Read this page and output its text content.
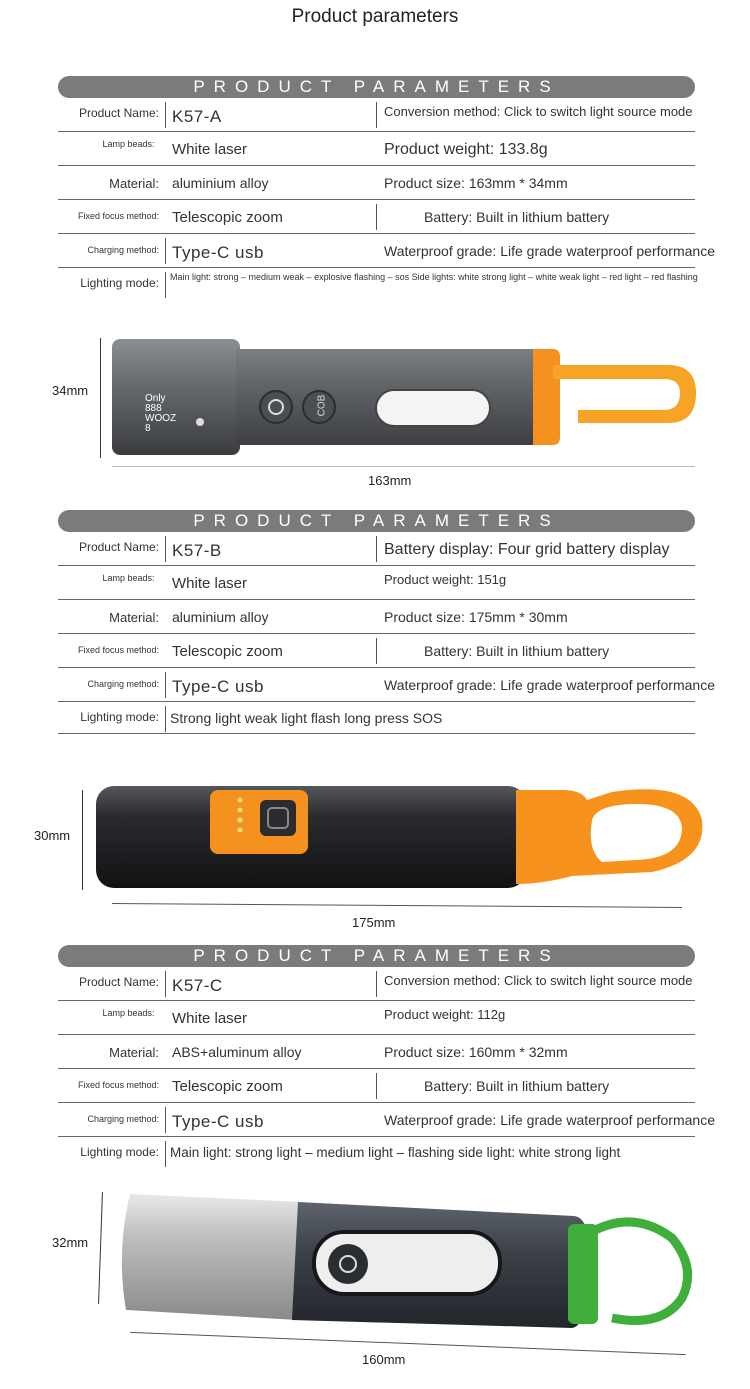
Product parameters
PRODUCT PARAMETERS
Product Name: K57-A	Conversion method: Click to switch light source mode
Lamp beads:	White laser	Product weight: 133.8g
Material: aluminium alloy	Product size: 163mm * 34mm
Fixed focus method: Telescopic zoom	Battery: Built in lithium battery
Charging method: Type-C usb	Waterproof grade: Life grade waterproof performance
Lighting mode:	Main light: strong – medium weak – explosive flashing – sos Side lights: white strong light – white weak light – red light – red flashing
34mm
163mm
Only
888
WOOZ
8
COB
PRODUCT PARAMETERS
Product Name: K57-B	Battery display: Four grid battery display
Lamp beads:	White laser	Product weight: 151g
Material: aluminium alloy	Product size: 175mm * 30mm
Fixed focus method: Telescopic zoom	Battery: Built in lithium battery
Charging method: Type-C usb	Waterproof grade: Life grade waterproof performance
Lighting mode: Strong light weak light flash long press SOS
30mm
175mm
PRODUCT PARAMETERS
Product Name: K57-C	Conversion method: Click to switch light source mode
Lamp beads:	White laser	Product weight: 112g
Material: ABS+aluminum alloy	Product size: 160mm * 32mm
Fixed focus method: Telescopic zoom	Battery: Built in lithium battery
Charging method: Type-C usb	Waterproof grade: Life grade waterproof performance
Lighting mode: Main light: strong light – medium light – flashing side light: white strong light
32mm
160mm
